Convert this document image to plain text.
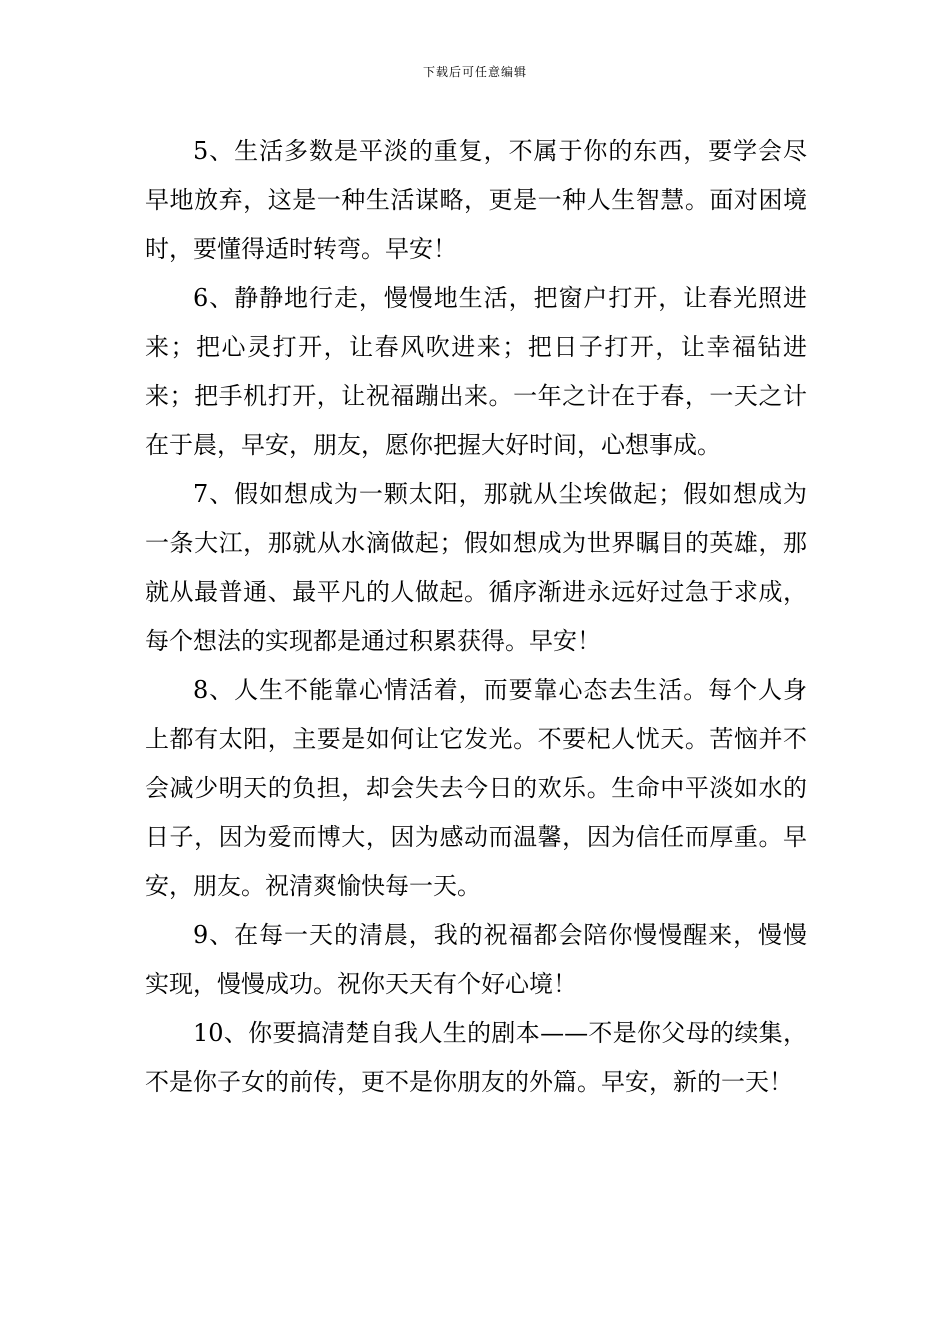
下载后可任意编辑

5、生活多数是平淡的重复，不属于你的东西，要学会尽早地放弃，这是一种生活谋略，更是一种人生智慧。面对困境时，要懂得适时转弯。早安！

6、静静地行走，慢慢地生活，把窗户打开，让春光照进来；把心灵打开，让春风吹进来；把日子打开，让幸福钻进来；把手机打开，让祝福蹦出来。一年之计在于春，一天之计在于晨，早安，朋友，愿你把握大好时间，心想事成。

7、假如想成为一颗太阳，那就从尘埃做起；假如想成为一条大江，那就从水滴做起；假如想成为世界瞩目的英雄，那就从最普通、最平凡的人做起。循序渐进永远好过急于求成，每个想法的实现都是通过积累获得。早安！

8、人生不能靠心情活着，而要靠心态去生活。每个人身上都有太阳，主要是如何让它发光。不要杞人忧天。苦恼并不会减少明天的负担，却会失去今日的欢乐。生命中平淡如水的日子，因为爱而博大，因为感动而温馨，因为信任而厚重。早安，朋友。祝清爽愉快每一天。

9、在每一天的清晨，我的祝福都会陪你慢慢醒来，慢慢实现，慢慢成功。祝你天天有个好心境！

10、你要搞清楚自我人生的剧本——不是你父母的续集，不是你子女的前传，更不是你朋友的外篇。早安，新的一天！
